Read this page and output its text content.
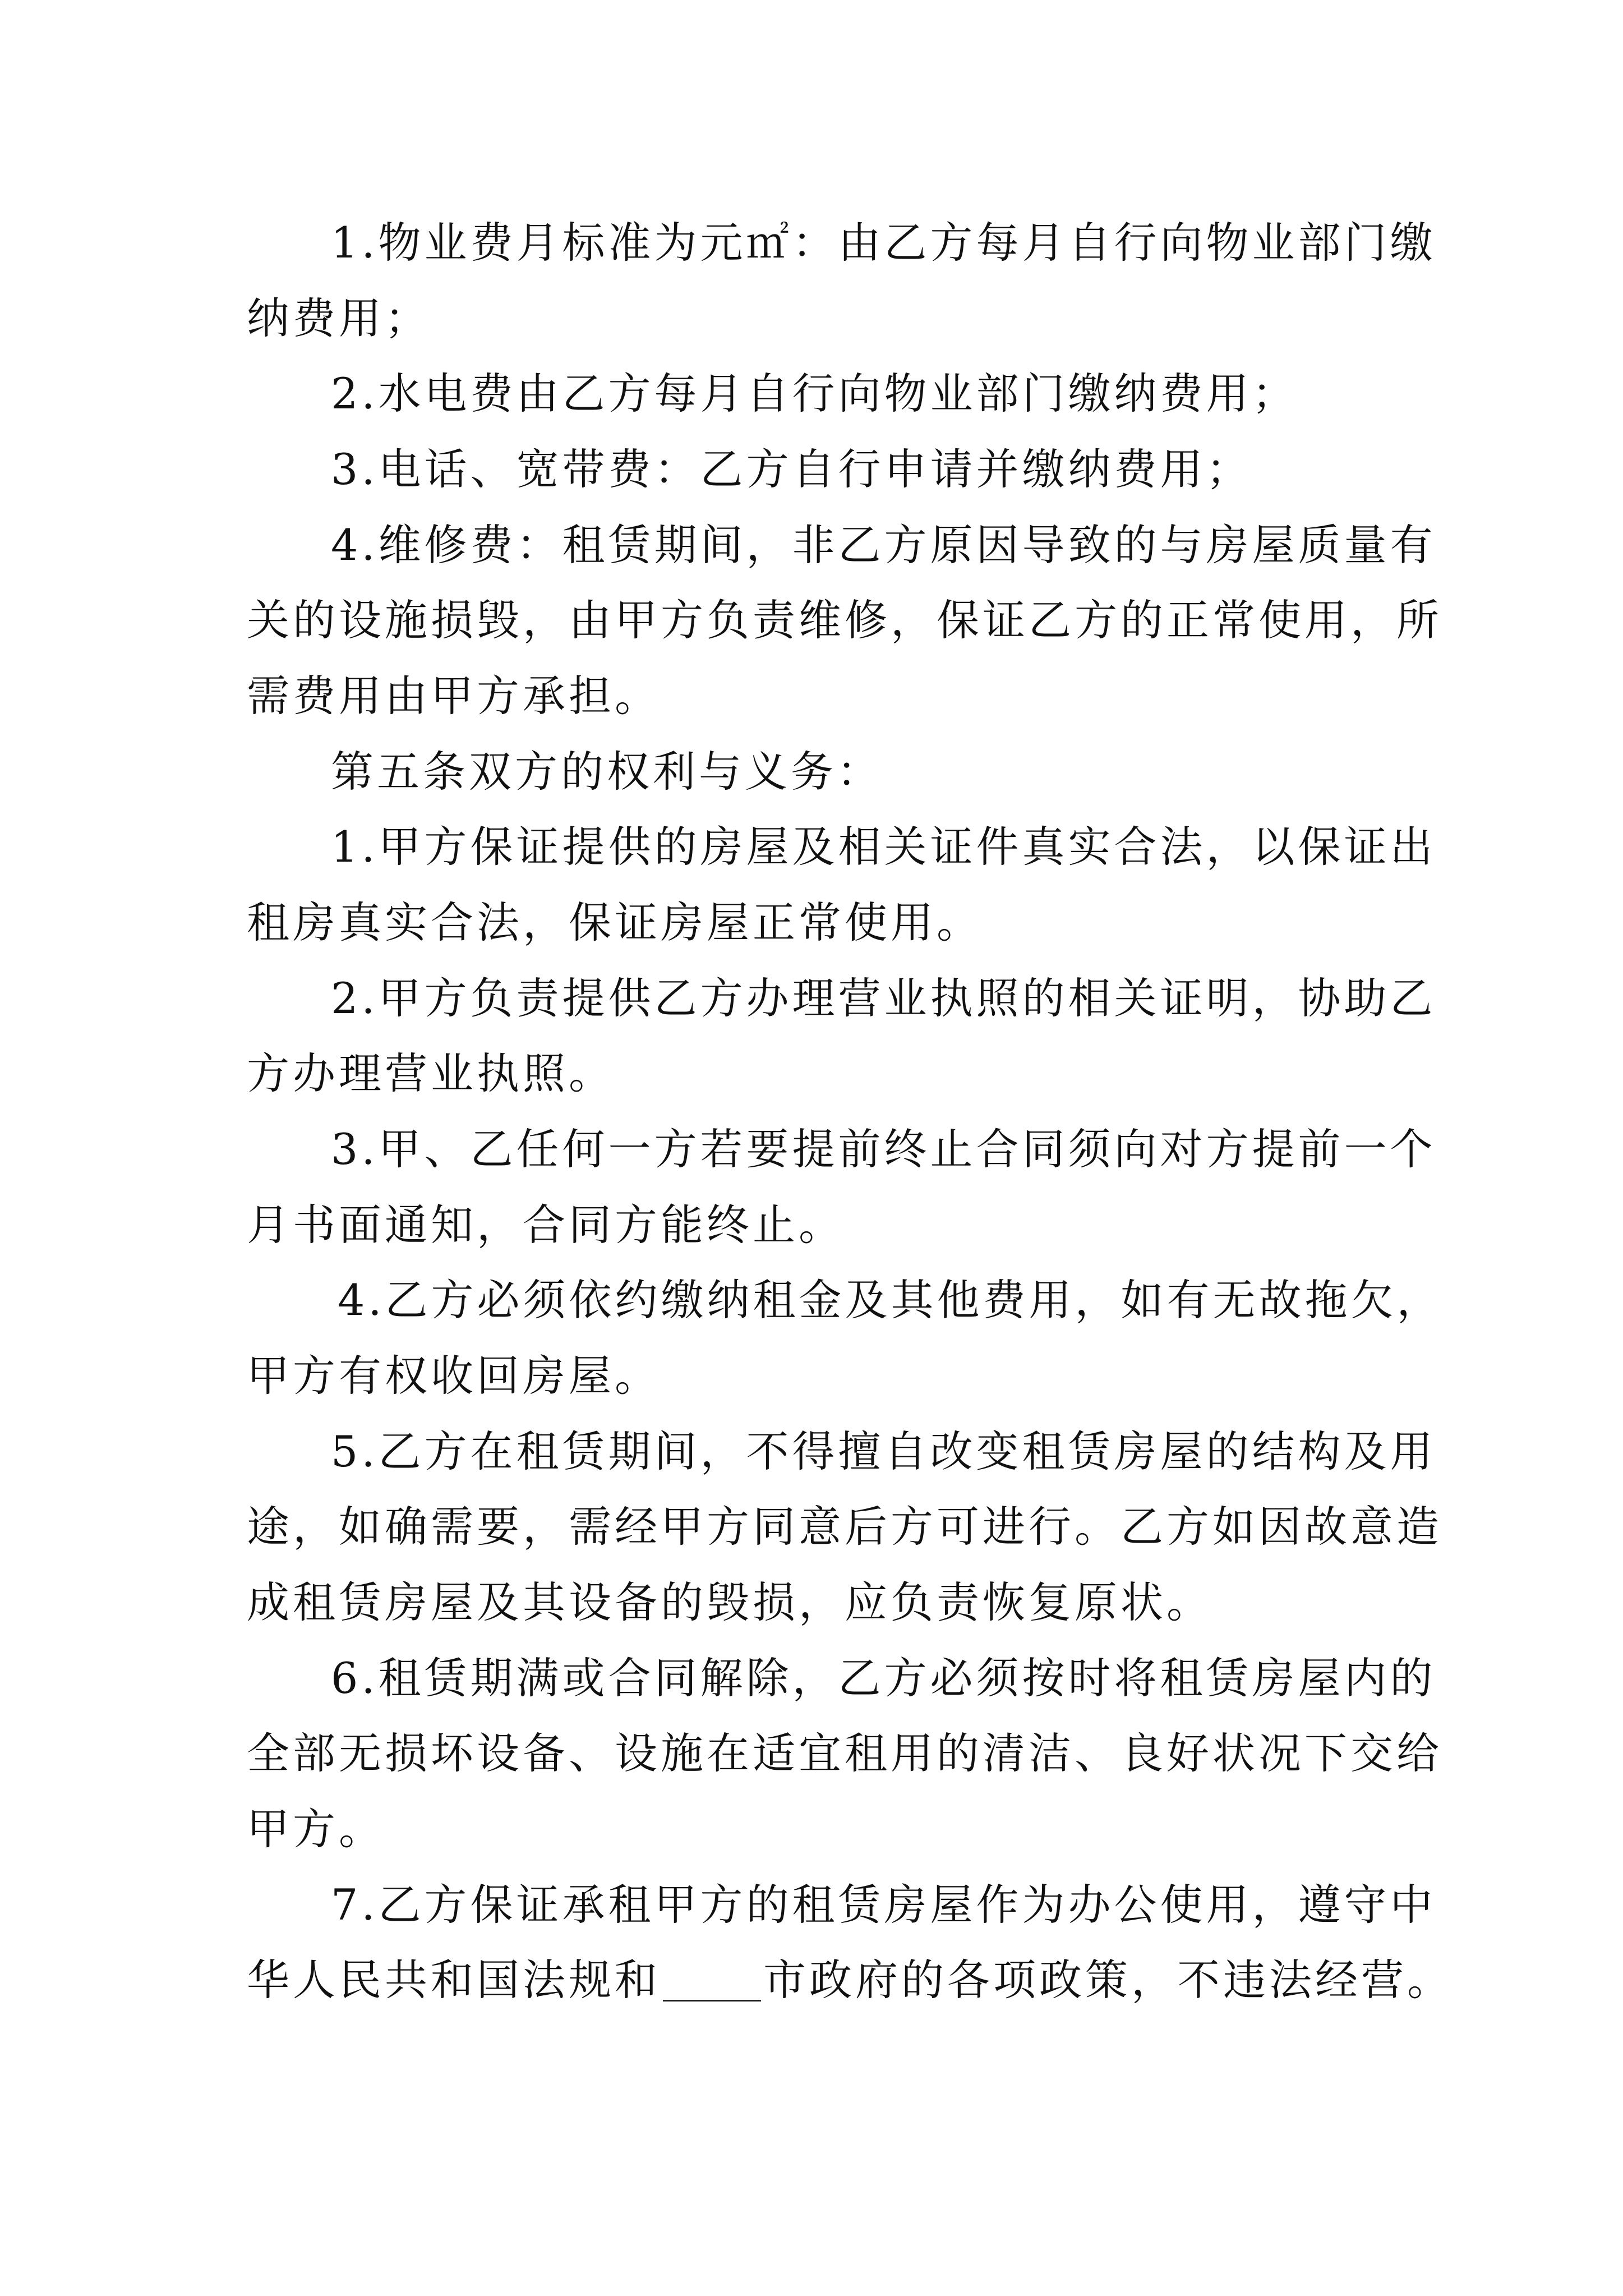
1.物业费月标准为元㎡：由乙方每月自行向物业部门缴
纳费用；
2.水电费由乙方每月自行向物业部门缴纳费用；
3.电话、宽带费：乙方自行申请并缴纳费用；
4.维修费：租赁期间，非乙方原因导致的与房屋质量有
关的设施损毁，由甲方负责维修，保证乙方的正常使用，所
需费用由甲方承担。
第五条双方的权利与义务：
1.甲方保证提供的房屋及相关证件真实合法，以保证出
租房真实合法，保证房屋正常使用。
2.甲方负责提供乙方办理营业执照的相关证明，协助乙
方办理营业执照。
3.甲、乙任何一方若要提前终止合同须向对方提前一个
月书面通知，合同方能终止。
4.乙方必须依约缴纳租金及其他费用，如有无故拖欠，
甲方有权收回房屋。
5.乙方在租赁期间，不得擅自改变租赁房屋的结构及用
途，如确需要，需经甲方同意后方可进行。乙方如因故意造
成租赁房屋及其设备的毁损，应负责恢复原状。
6.租赁期满或合同解除，乙方必须按时将租赁房屋内的
全部无损坏设备、设施在适宜租用的清洁、良好状况下交给
甲方。
7.乙方保证承租甲方的租赁房屋作为办公使用，遵守中
华人民共和国法规和 市政府的各项政策，不违法经营。
